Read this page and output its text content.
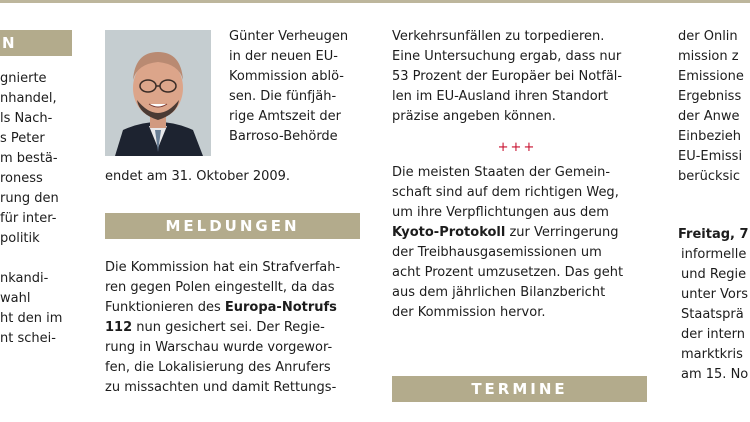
N
gnierte
nhandel,
ls Nach-
s Peter
m bestä-
roness
rung den
für inter-
politik
nkandi-
wahl
ht den im
nt schei-
Günter Verheugen
in der neuen EU-
Kommission ablö-
sen. Die fünfjäh-
rige Amtszeit der
Barroso-Behörde
endet am 31. Oktober 2009.
MELDUNGEN
Die Kommission hat ein Strafverfah-
ren gegen Polen eingestellt, da das
Funktionieren des Europa-Notrufs
112 nun gesichert sei. Der Regie-
rung in Warschau wurde vorgewor-
fen, die Lokalisierung des Anrufers
zu missachten und damit Rettungs-
Verkehrsunfällen zu torpedieren.
Eine Untersuchung ergab, dass nur
53 Prozent der Europäer bei Notfäl-
len im EU-Ausland ihren Standort
präzise angeben können.
+++
Die meisten Staaten der Gemein-
schaft sind auf dem richtigen Weg,
um ihre Verpflichtungen aus dem
Kyoto-Protokoll zur Verringerung
der Treibhausgasemissionen um
acht Prozent umzusetzen. Das geht
aus dem jährlichen Bilanzbericht
der Kommission hervor.
TERMINE
der Onlin
mission z
Emissione
Ergebniss
der Anwe
Einbezieh
EU-Emissi
berücksic
Freitag, 7
informelle
und Regie
unter Vors
Staatsprä
der intern
marktkris
am 15. No
